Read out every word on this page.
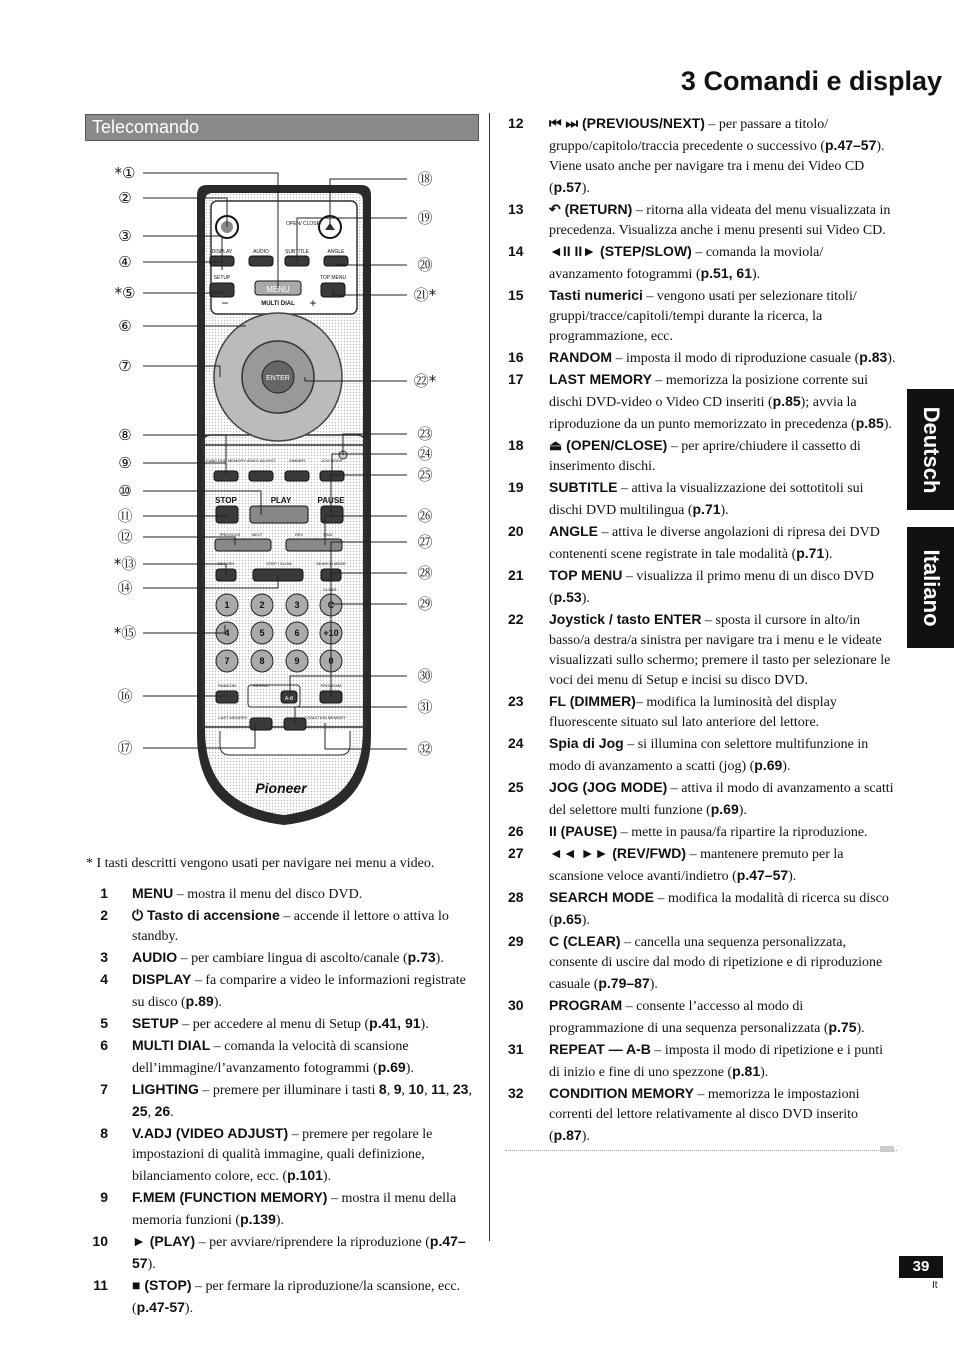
3 Comandi e display
Telecomando
OPEN/ CLOSE
DISPLAY	AUDIO	SUBTITLE	ANGLE
SETUP
MENU
TOP MENU
−	+
MULTI DIAL
ENTER
FUNCTION MEMORY VIDEO ADJUST	DIMMER	JOG MODE
STOP	PLAY	PAUSE
PREVIOUS	NEXT	REV	FWD
CLEAR
RETURN	STEP / SLOW	SEARCH MODE
1	2	3	C
4	5	6	+10
7	8	9	0
RANDOM	REPEAT	PROGRAM
A-B
LAST MEMORY	CONDITION MEMORY
Pioneer
*①
②
③
④
*⑤
⑥
⑦
⑧
⑨
⑩
⑪
⑫
*⑬
⑭
*⑮
⑯
⑰
⑱
⑲
⑳
㉑*
㉒*
㉓
㉔
㉕
㉖
㉗
㉘
㉙
㉚
㉛
㉜
* I tasti descritti vengono usati per navigare nei menu a video.
1 MENU – mostra il menu del disco DVD.
2 ⏻ Tasto di accensione – accende il lettore o attiva lo standby.
3 AUDIO – per cambiare lingua di ascolto/canale (p.73).
4 DISPLAY – fa comparire a video le informazioni registrate su disco (p.89).
5 SETUP – per accedere al menu di Setup (p.41, 91).
6 MULTI DIAL – comanda la velocità di scansione dell’immagine/l’avanzamento fotogrammi (p.69).
7 LIGHTING – premere per illuminare i tasti 8, 9, 10, 11, 23, 25, 26.
8 V.ADJ (VIDEO ADJUST) – premere per regolare le impostazioni di qualità immagine, quali definizione, bilanciamento colore, ecc. (p.101).
9 F.MEM (FUNCTION MEMORY) – mostra il menu della memoria funzioni (p.139).
10 ► (PLAY) – per avviare/riprendere la riproduzione (p.47–57).
11 ■ (STOP) – per fermare la riproduzione/la scansione, ecc. (p.47-57).
12 ⏮ ⏭ (PREVIOUS/NEXT) – per passare a titolo/ gruppo/capitolo/traccia precedente o successivo (p.47–57). Viene usato anche per navigare tra i menu dei Video CD (p.57).
13 ↶ (RETURN) – ritorna alla videata del menu visualizzata in precedenza. Visualizza anche i menu presenti sui Video CD.
14 ◄II II► (STEP/SLOW) – comanda la moviola/ avanzamento fotogrammi (p.51, 61).
15 Tasti numerici – vengono usati per selezionare titoli/ gruppi/tracce/capitoli/tempi durante la ricerca, la programmazione, ecc.
16 RANDOM – imposta il modo di riproduzione casuale (p.83).
17 LAST MEMORY – memorizza la posizione corrente sui dischi DVD-video o Video CD inseriti (p.85); avvia la riproduzione da un punto memorizzato in precedenza (p.85).
18 ⏏ (OPEN/CLOSE) – per aprire/chiudere il cassetto di inserimento dischi.
19 SUBTITLE – attiva la visualizzazione dei sottotitoli sui dischi DVD multilingua (p.71).
20 ANGLE – attiva le diverse angolazioni di ripresa dei DVD contenenti scene registrate in tale modalità (p.71).
21 TOP MENU – visualizza il primo menu di un disco DVD (p.53).
22 Joystick / tasto ENTER – sposta il cursore in alto/in basso/a destra/a sinistra per navigare tra i menu e le videate visualizzati sullo schermo; premere il tasto per selezionare le voci dei menu di Setup e incisi su disco DVD.
23 FL (DIMMER)– modifica la luminosità del display fluorescente situato sul lato anteriore del lettore.
24 Spia di Jog – si illumina con selettore multifunzione in modo di avanzamento a scatti (jog) (p.69).
25 JOG (JOG MODE) – attiva il modo di avanzamento a scatti del selettore multi funzione (p.69).
26 II (PAUSE) – mette in pausa/fa ripartire la riproduzione.
27 ◄◄ ►► (REV/FWD) – mantenere premuto per la scansione veloce avanti/indietro (p.47–57).
28 SEARCH MODE – modifica la modalità di ricerca su disco (p.65).
29 C (CLEAR) – cancella una sequenza personalizzata, consente di uscire dal modo di ripetizione e di riproduzione casuale (p.79–87).
30 PROGRAM – consente l’accesso al modo di programmazione di una sequenza personalizzata (p.75).
31 REPEAT — A-B – imposta il modo di ripetizione e i punti di inizio e fine di uno spezzone (p.81).
32 CONDITION MEMORY – memorizza le impostazioni correnti del lettore relativamente al disco DVD inserito (p.87).
Deutsch
Italiano
39
It
